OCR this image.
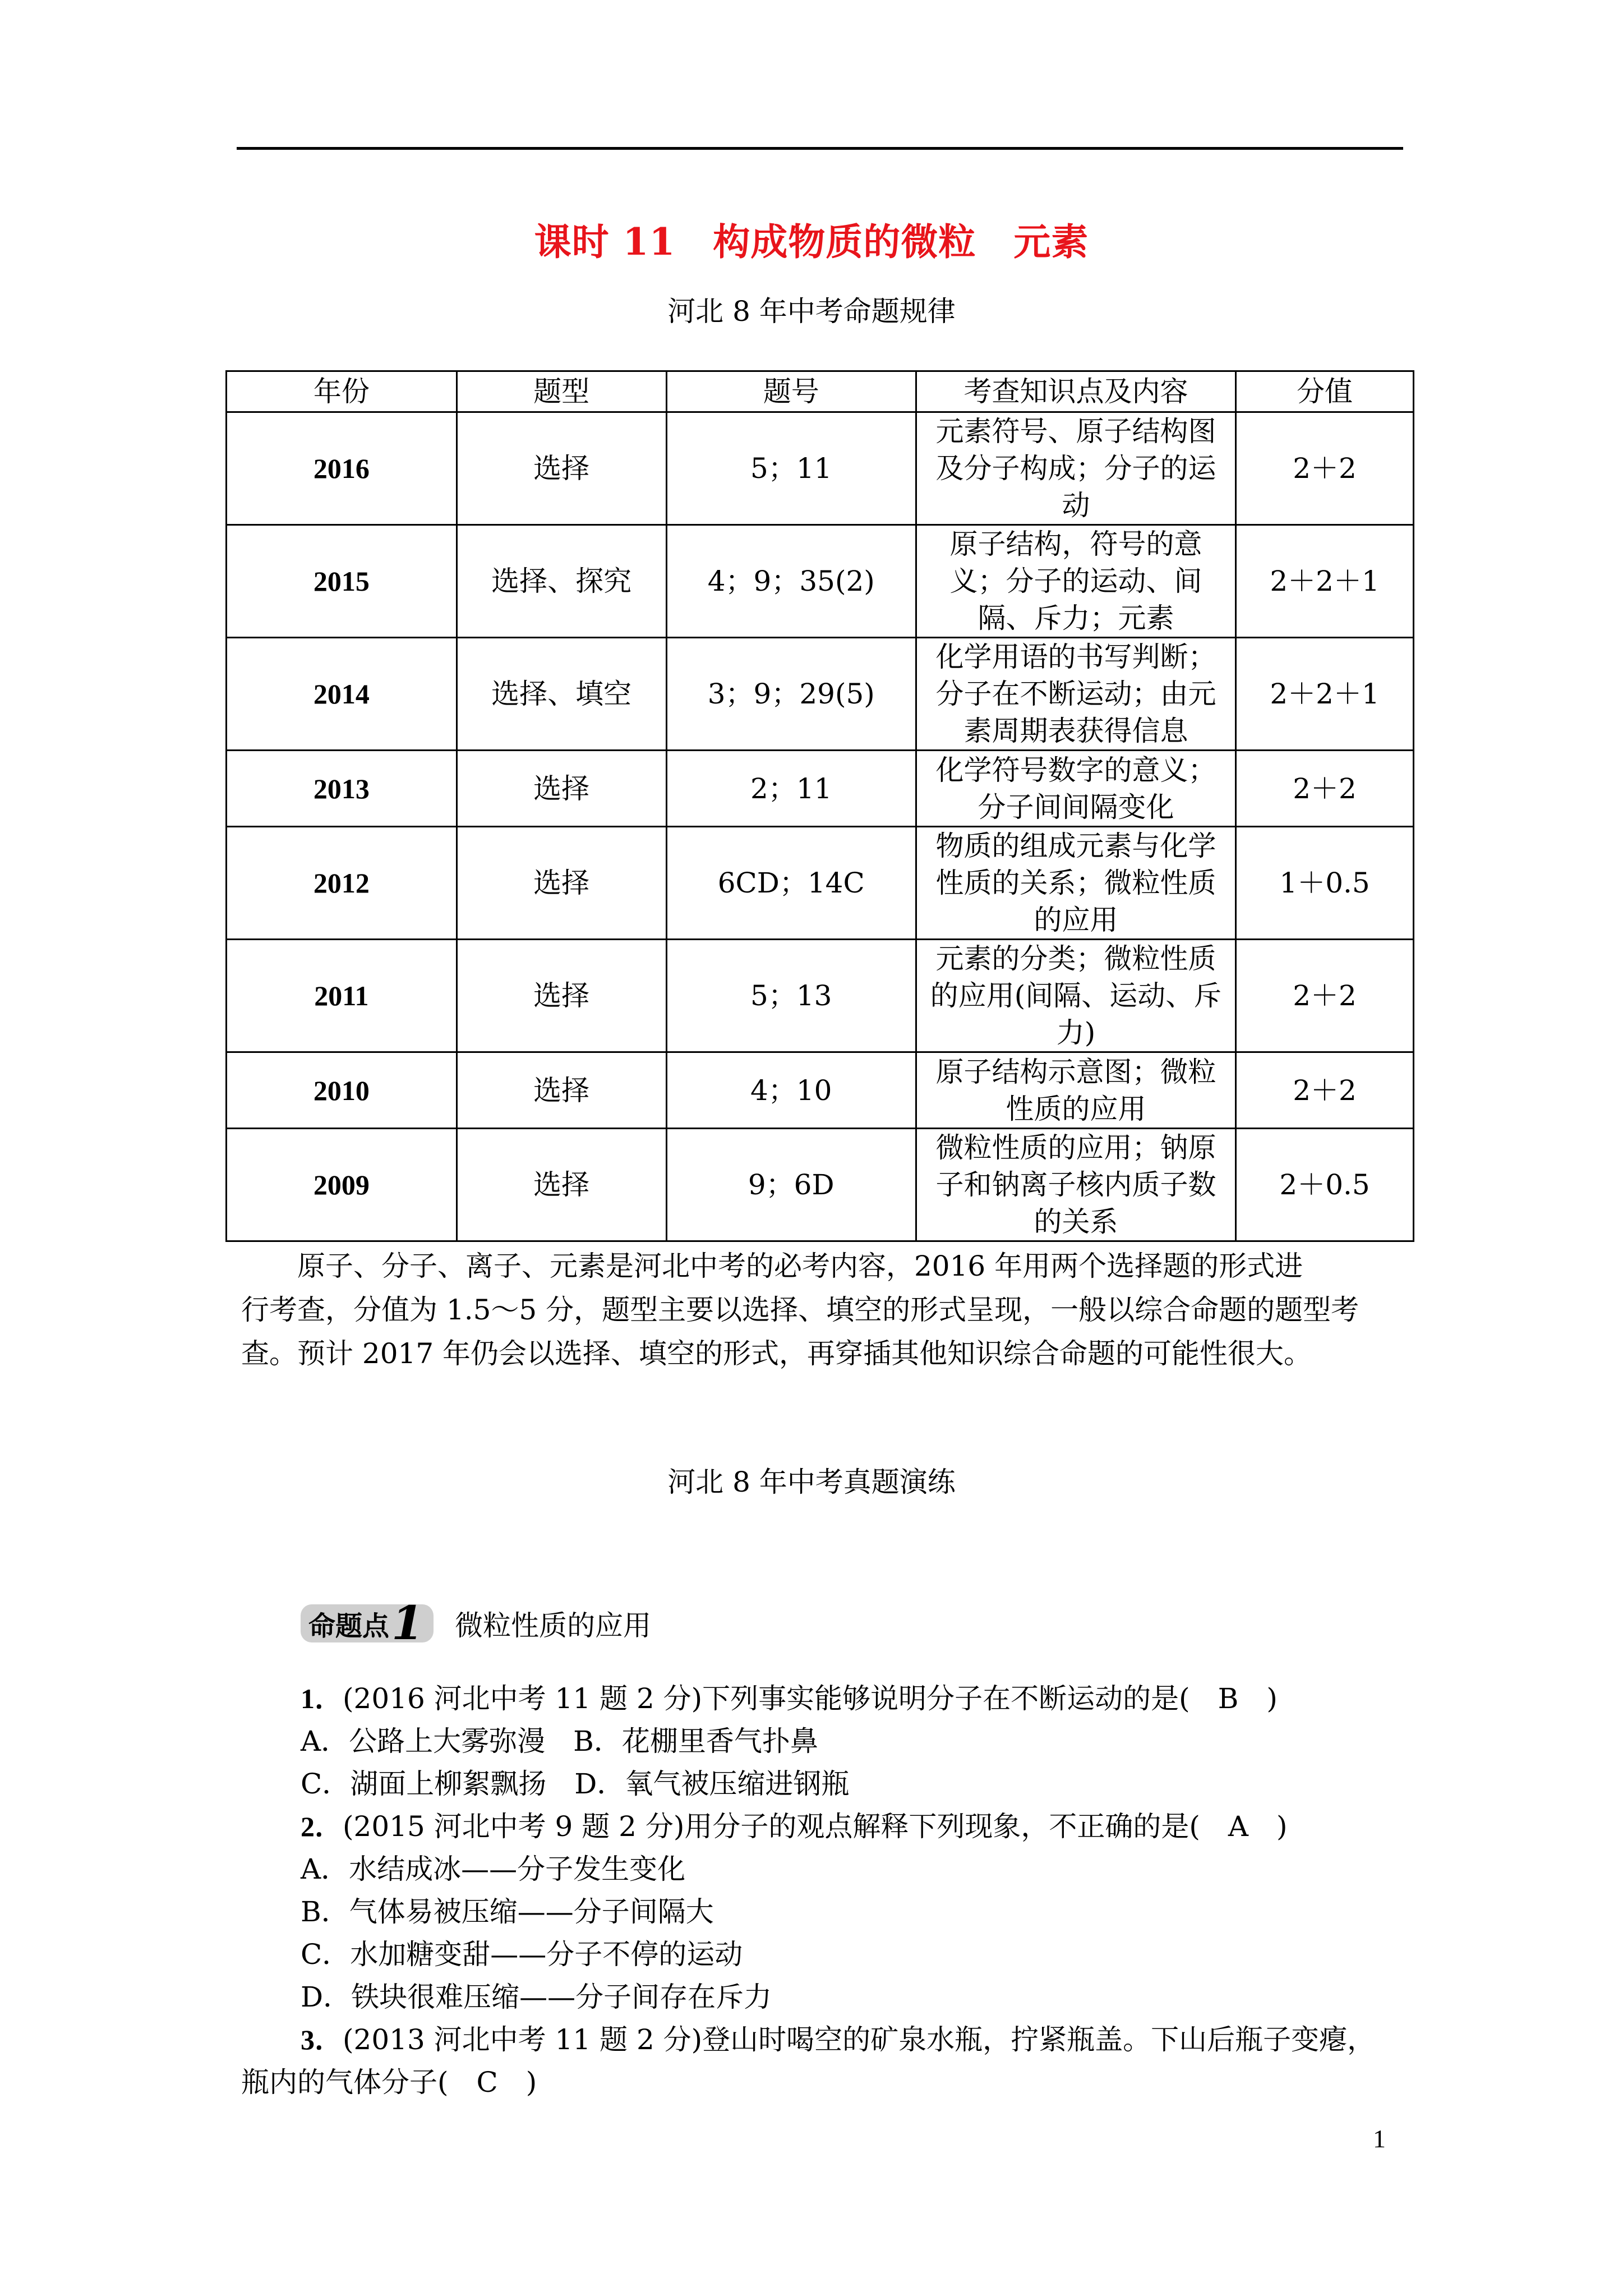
课时 11　构成物质的微粒　元素
河北 8 年中考命题规律
年份	题型	题号	考查知识点及内容	分值
2016	选择	5；11	元素符号、原子结构图
及分子构成；分子的运
动	2＋2
2015	选择、探究	4；9；35(2)	原子结构，符号的意
义；分子的运动、间
隔、斥力；元素	2＋2＋1
2014	选择、填空	3；9；29(5)	化学用语的书写判断；
分子在不断运动；由元
素周期表获得信息	2＋2＋1
2013	选择	2；11	化学符号数字的意义；
分子间间隔变化	2＋2
2012	选择	6CD；14C	物质的组成元素与化学
性质的关系；微粒性质
的应用	1＋0.5
2011	选择	5；13	元素的分类；微粒性质
的应用(间隔、运动、斥
力)	2＋2
2010	选择	4；10	原子结构示意图；微粒
性质的应用	2＋2
2009	选择	9；6D	微粒性质的应用；钠原
子和钠离子核内质子数
的关系	2＋0.5
　　原子、分子、离子、元素是河北中考的必考内容，2016 年用两个选择题的形式进
行考查，分值为 1.5～5 分，题型主要以选择、填空的形式呈现，一般以综合命题的题型考
查。预计 2017 年仍会以选择、填空的形式，再穿插其他知识综合命题的可能性很大。
河北 8 年中考真题演练
命题点 1 微粒性质的应用
1．(2016 河北中考 11 题 2 分)下列事实能够说明分子在不断运动的是(　B　)
A．公路上大雾弥漫　B．花棚里香气扑鼻
C．湖面上柳絮飘扬　D．氧气被压缩进钢瓶
2．(2015 河北中考 9 题 2 分)用分子的观点解释下列现象，不正确的是(　A　)
A．水结成冰——分子发生变化
B．气体易被压缩——分子间隔大
C．水加糖变甜——分子不停的运动
D．铁块很难压缩——分子间存在斥力
3．(2013 河北中考 11 题 2 分)登山时喝空的矿泉水瓶，拧紧瓶盖。下山后瓶子变瘪，
瓶内的气体分子(　C　)
1
